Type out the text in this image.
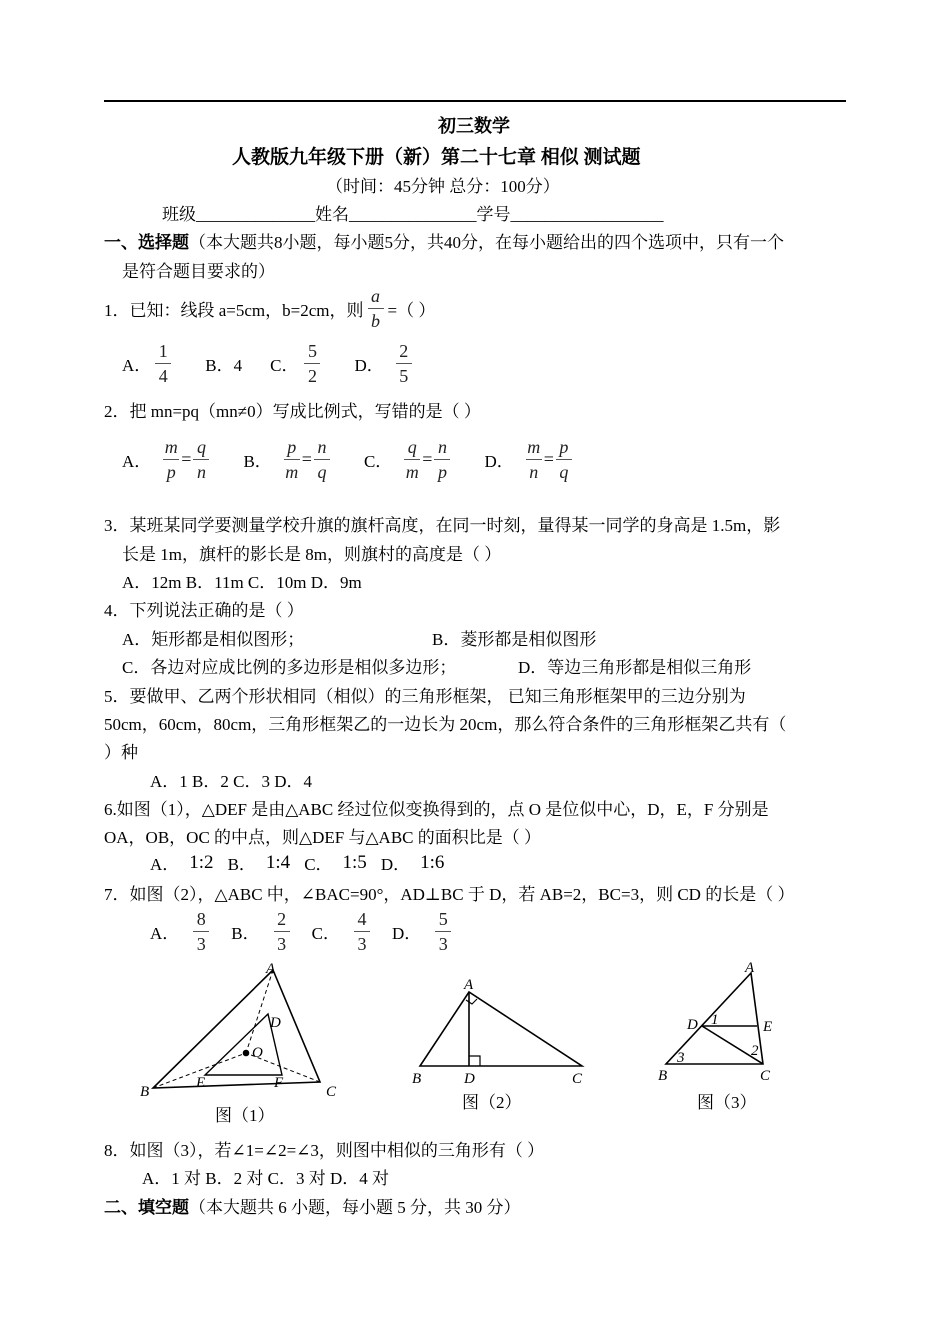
初三数学
人教版九年级下册（新）第二十七章 相似 测试题
（时间：45分钟 总分：100分）
班级______________姓名_______________学号__________________
一、选择题（本大题共8小题，每小题5分，共40分，在每小题给出的四个选项中，只有一个
是符合题目要求的）
1．已知：线段 a=5cm，b=2cm，则 $\frac{a}{b}$ =（ ）
A． $\frac{1}{4}$ B．4 C． $\frac{5}{2}$ D． $\frac{2}{5}$
2．把 mn=pq（mn≠0）写成比例式，写错的是（ ）
A． $\frac{m}{p} = \frac{q}{n}$ B． $\frac{p}{m} = \frac{n}{q}$ C． $\frac{q}{m} = \frac{n}{p}$ D． $\frac{m}{n} = \frac{p}{q}$
3．某班某同学要测量学校升旗的旗杆高度，在同一时刻，量得某一同学的身高是 1.5m，影
长是 1m，旗杆的影长是 8m，则旗村的高度是（ ）
A．12m B．11m C．10m D．9m
4．下列说法正确的是（ ）
A．矩形都是相似图形；	B．菱形都是相似图形
C．各边对应成比例的多边形是相似多边形；	D．等边三角形都是相似三角形
5．要做甲、乙两个形状相同（相似）的三角形框架， 已知三角形框架甲的三边分别为
50cm，60cm，80cm，三角形框架乙的一边长为 20cm，那么符合条件的三角形框架乙共有（
）种
A．1 B．2 C．3 D．4
6.如图（1），△DEF 是由△ABC 经过位似变换得到的，点 O 是位似中心，D，E，F 分别是
OA，OB，OC 的中点，则△DEF 与△ABC 的面积比是（ ）
A． 1:2 B． 1:4 C． 1:5 D． 1:6
7．如图（2），△ABC 中，∠BAC=90°，AD⊥BC 于 D，若 AB=2，BC=3，则 CD 的长是（ ）
A． $\frac{8}{3}$ B． $\frac{2}{3}$ C． $\frac{4}{3}$ D． $\frac{5}{3}$
A
B	C
D
E	F
O
A
B	C
D
A
B	C
D	E
1
2
3
图（1）
图（2）	图（3）
8．如图（3），若∠1=∠2=∠3，则图中相似的三角形有（ ）
A．1 对 B．2 对 C．3 对 D．4 对
二、填空题（本大题共 6 小题，每小题 5 分，共 30 分）
